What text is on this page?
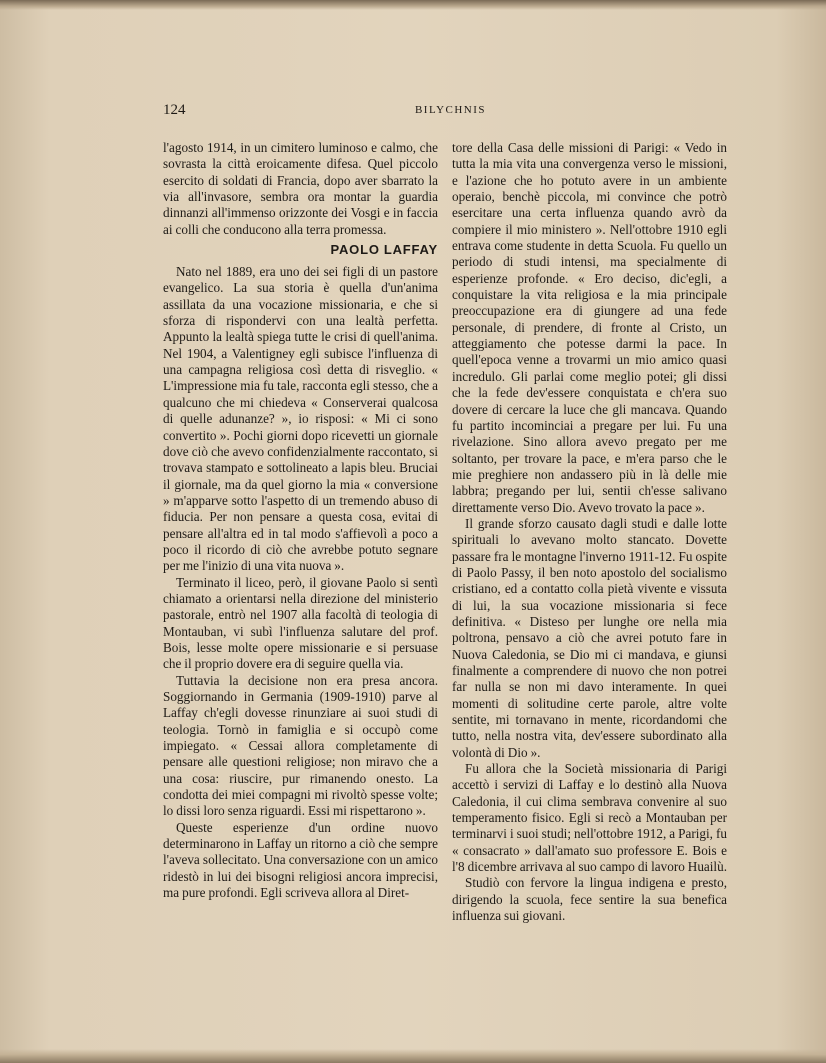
124	BILYCHNIS

l'agosto 1914, in un cimitero luminoso e calmo, che sovrasta la città eroicamente difesa. Quel piccolo esercito di soldati di Francia, dopo aver sbarrato la via all'invasore, sembra ora montar la guardia dinnanzi all'immenso orizzonte dei Vosgi e in faccia ai colli che conducono alla terra promessa.

PAOLO LAFFAY

Nato nel 1889, era uno dei sei figli di un pastore evangelico. La sua storia è quella d'un'anima assillata da una vocazione missionaria, e che si sforza di rispondervi con una lealtà perfetta. Appunto la lealtà spiega tutte le crisi di quell'anima. Nel 1904, a Valentigney egli subisce l'influenza di una campagna religiosa così detta di risveglio. « L'impressione mia fu tale, racconta egli stesso, che a qualcuno che mi chiedeva « Conserverai qualcosa di quelle adunanze? », io risposi: « Mi ci sono convertito ». Pochi giorni dopo ricevetti un giornale dove ciò che avevo confidenzialmente raccontato, si trovava stampato e sottolineato a lapis bleu. Bruciai il giornale, ma da quel giorno la mia « conversione » m'apparve sotto l'aspetto di un tremendo abuso di fiducia. Per non pensare a questa cosa, evitai di pensare all'altra ed in tal modo s'affievolì a poco a poco il ricordo di ciò che avrebbe potuto segnare per me l'inizio di una vita nuova ».

Terminato il liceo, però, il giovane Paolo si sentì chiamato a orientarsi nella direzione del ministerio pastorale, entrò nel 1907 alla facoltà di teologia di Montauban, vi subì l'influenza salutare del prof. Bois, lesse molte opere missionarie e si persuase che il proprio dovere era di seguire quella via.

Tuttavia la decisione non era presa ancora. Soggiornando in Germania (1909-1910) parve al Laffay ch'egli dovesse rinunziare ai suoi studi di teologia. Tornò in famiglia e si occupò come impiegato. « Cessai allora completamente di pensare alle questioni religiose; non miravo che a una cosa: riuscire, pur rimanendo onesto. La condotta dei miei compagni mi rivoltò spesse volte; lo dissi loro senza riguardi. Essi mi rispettarono ».

Queste esperienze d'un ordine nuovo determinarono in Laffay un ritorno a ciò che sempre l'aveva sollecitato. Una conversazione con un amico ridestò in lui dei bisogni religiosi ancora imprecisi, ma pure profondi. Egli scriveva allora al Diret-

tore della Casa delle missioni di Parigi: « Vedo in tutta la mia vita una convergenza verso le missioni, e l'azione che ho potuto avere in un ambiente operaio, benchè piccola, mi convince che potrò esercitare una certa influenza quando avrò da compiere il mio ministero ». Nell'ottobre 1910 egli entrava come studente in detta Scuola. Fu quello un periodo di studi intensi, ma specialmente di esperienze profonde. « Ero deciso, dic'egli, a conquistare la vita religiosa e la mia principale preoccupazione era di giungere ad una fede personale, di prendere, di fronte al Cristo, un atteggiamento che potesse darmi la pace. In quell'epoca venne a trovarmi un mio amico quasi incredulo. Gli parlai come meglio potei; gli dissi che la fede dev'essere conquistata e ch'era suo dovere di cercare la luce che gli mancava. Quando fu partito incominciai a pregare per lui. Fu una rivelazione. Sino allora avevo pregato per me soltanto, per trovare la pace, e m'era parso che le mie preghiere non andassero più in là delle mie labbra; pregando per lui, sentii ch'esse salivano direttamente verso Dio. Avevo trovato la pace ».

Il grande sforzo causato dagli studi e dalle lotte spirituali lo avevano molto stancato. Dovette passare fra le montagne l'inverno 1911-12. Fu ospite di Paolo Passy, il ben noto apostolo del socialismo cristiano, ed a contatto colla pietà vivente e vissuta di lui, la sua vocazione missionaria si fece definitiva. « Disteso per lunghe ore nella mia poltrona, pensavo a ciò che avrei potuto fare in Nuova Caledonia, se Dio mi ci mandava, e giunsi finalmente a comprendere di nuovo che non potrei far nulla se non mi davo interamente. In quei momenti di solitudine certe parole, altre volte sentite, mi tornavano in mente, ricordandomi che tutto, nella nostra vita, dev'essere subordinato alla volontà di Dio ».

Fu allora che la Società missionaria di Parigi accettò i servizi di Laffay e lo destinò alla Nuova Caledonia, il cui clima sembrava convenire al suo temperamento fisico. Egli si recò a Montauban per terminarvi i suoi studi; nell'ottobre 1912, a Parigi, fu « consacrato » dall'amato suo professore E. Bois e l'8 dicembre arrivava al suo campo di lavoro Huailù.

Studiò con fervore la lingua indigena e presto, dirigendo la scuola, fece sentire la sua benefica influenza sui giovani.
